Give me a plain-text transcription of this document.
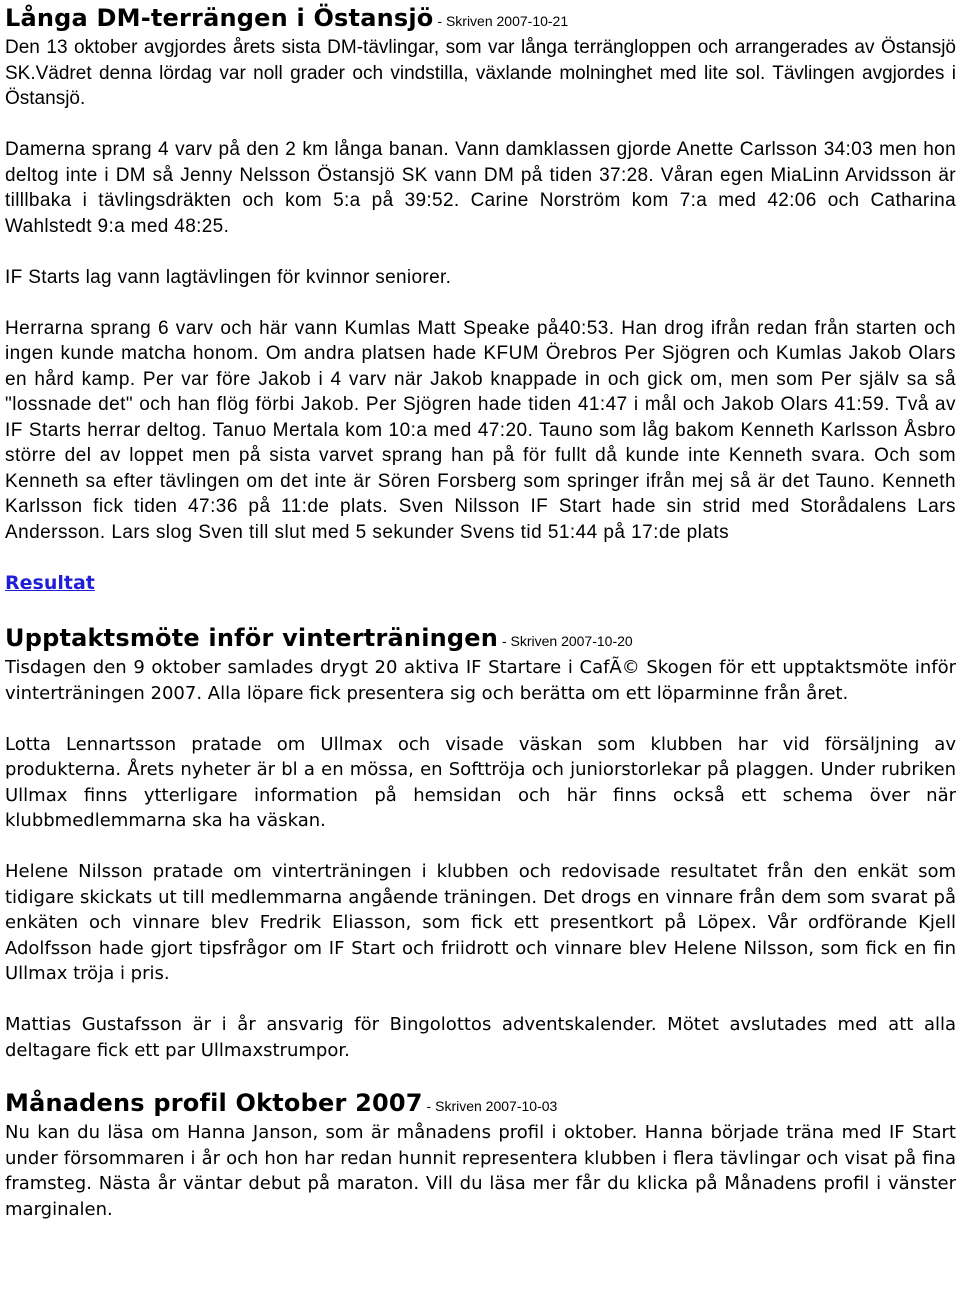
Långa DM-terrängen i Östansjö - Skriven 2007-10-21

Den 13 oktober avgjordes årets sista DM-tävlingar, som var långa terrängloppen och arrangerades av Östansjö SK.Vädret denna lördag var noll grader och vindstilla, växlande molninghet med lite sol. Tävlingen avgjordes i Östansjö.

Damerna sprang 4 varv på den 2 km långa banan. Vann damklassen gjorde Anette Carlsson 34:03 men hon deltog inte i DM så Jenny Nelsson Östansjö SK vann DM på tiden 37:28. Våran egen MiaLinn Arvidsson är tilllbaka i tävlingsdräkten och kom 5:a på 39:52. Carine Norström kom 7:a med 42:06 och Catharina Wahlstedt 9:a med 48:25.

IF Starts lag vann lagtävlingen för kvinnor seniorer.

Herrarna sprang 6 varv och här vann Kumlas Matt Speake på40:53. Han drog ifrån redan från starten och ingen kunde matcha honom. Om andra platsen hade KFUM Örebros Per Sjögren och Kumlas Jakob Olars en hård kamp. Per var före Jakob i 4 varv när Jakob knappade in och gick om, men som Per själv sa så "lossnade det" och han flög förbi Jakob. Per Sjögren hade tiden 41:47 i mål och Jakob Olars 41:59. Två av IF Starts herrar deltog. Tanuo Mertala kom 10:a med 47:20. Tauno som låg bakom Kenneth Karlsson Åsbro större del av loppet men på sista varvet sprang han på för fullt då kunde inte Kenneth svara. Och som Kenneth sa efter tävlingen om det inte är Sören Forsberg som springer ifrån mej så är det Tauno. Kenneth Karlsson fick tiden 47:36 på 11:de plats. Sven Nilsson IF Start hade sin strid med Storådalens Lars Andersson. Lars slog Sven till slut med 5 sekunder Svens tid 51:44 på 17:de plats

Resultat
Upptaktsmöte inför vinterträningen - Skriven 2007-10-20

Tisdagen den 9 oktober samlades drygt 20 aktiva IF Startare i CafÃ© Skogen för ett upptaktsmöte inför vinterträningen 2007. Alla löpare fick presentera sig och berätta om ett löparminne från året.

Lotta Lennartsson pratade om Ullmax och visade väskan som klubben har vid försäljning av produkterna. Årets nyheter är bl a en mössa, en Softtröja och juniorstorlekar på plaggen. Under rubriken Ullmax finns ytterligare information på hemsidan och här finns också ett schema över när klubbmedlemmarna ska ha väskan.

Helene Nilsson pratade om vinterträningen i klubben och redovisade resultatet från den enkät som tidigare skickats ut till medlemmarna angående träningen. Det drogs en vinnare från dem som svarat på enkäten och vinnare blev Fredrik Eliasson, som fick ett presentkort på Löpex. Vår ordförande Kjell Adolfsson hade gjort tipsfrågor om IF Start och friidrott och vinnare blev Helene Nilsson, som fick en fin Ullmax tröja i pris.

Mattias Gustafsson är i år ansvarig för Bingolottos adventskalender. Mötet avslutades med att alla deltagare fick ett par Ullmaxstrumpor.

Månadens profil Oktober 2007 - Skriven 2007-10-03

Nu kan du läsa om Hanna Janson, som är månadens profil i oktober. Hanna började träna med IF Start under försommaren i år och hon har redan hunnit representera klubben i flera tävlingar och visat på fina framsteg. Nästa år väntar debut på maraton. Vill du läsa mer får du klicka på Månadens profil i vänster marginalen.
